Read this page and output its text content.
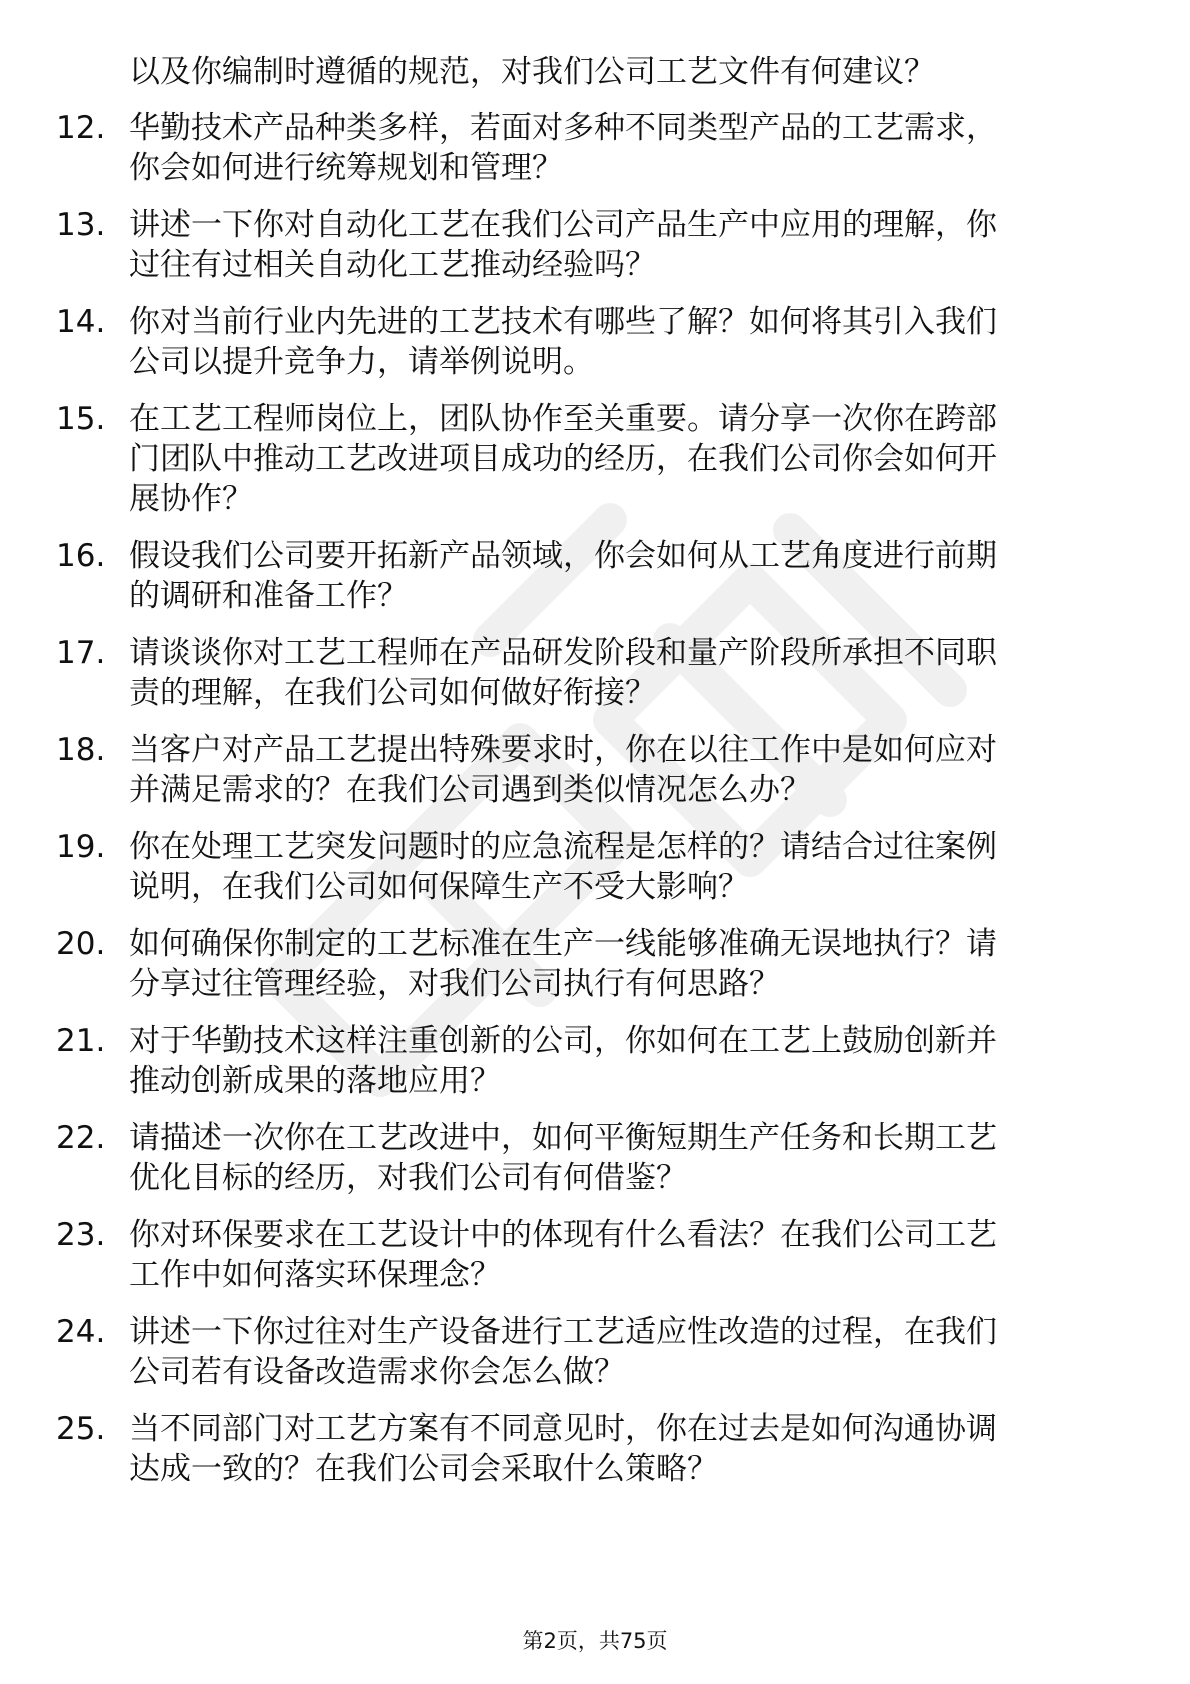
以及你编制时遵循的规范，对我们公司工艺文件有何建议？
12. 华勤技术产品种类多样，若面对多种不同类型产品的工艺需求，
你会如何进行统筹规划和管理？
13. 讲述一下你对自动化工艺在我们公司产品生产中应用的理解，你
过往有过相关自动化工艺推动经验吗？
14. 你对当前行业内先进的工艺技术有哪些了解？如何将其引入我们
公司以提升竞争力，请举例说明。
15. 在工艺工程师岗位上，团队协作至关重要。请分享一次你在跨部
门团队中推动工艺改进项目成功的经历，在我们公司你会如何开
展协作？
16. 假设我们公司要开拓新产品领域，你会如何从工艺角度进行前期
的调研和准备工作？
17. 请谈谈你对工艺工程师在产品研发阶段和量产阶段所承担不同职
责的理解，在我们公司如何做好衔接？
18. 当客户对产品工艺提出特殊要求时，你在以往工作中是如何应对
并满足需求的？在我们公司遇到类似情况怎么办？
19. 你在处理工艺突发问题时的应急流程是怎样的？请结合过往案例
说明，在我们公司如何保障生产不受大影响？
20. 如何确保你制定的工艺标准在生产一线能够准确无误地执行？请
分享过往管理经验，对我们公司执行有何思路？
21. 对于华勤技术这样注重创新的公司，你如何在工艺上鼓励创新并
推动创新成果的落地应用？
22. 请描述一次你在工艺改进中，如何平衡短期生产任务和长期工艺
优化目标的经历，对我们公司有何借鉴？
23. 你对环保要求在工艺设计中的体现有什么看法？在我们公司工艺
工作中如何落实环保理念？
24. 讲述一下你过往对生产设备进行工艺适应性改造的过程，在我们
公司若有设备改造需求你会怎么做？
25. 当不同部门对工艺方案有不同意见时，你在过去是如何沟通协调
达成一致的？在我们公司会采取什么策略？
第2页，共75页
